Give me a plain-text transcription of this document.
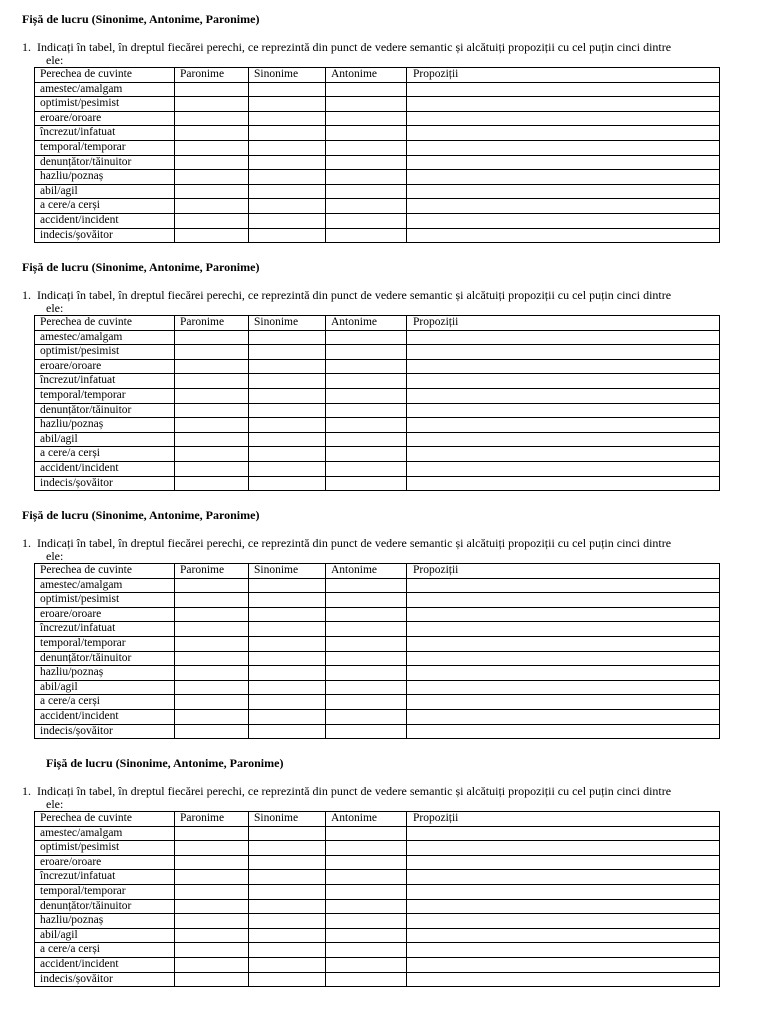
Fișă de lucru (Sinonime, Antonime, Paronime)
1. Indicați în tabel, în dreptul fiecărei perechi, ce reprezintă din punct de vedere semantic și alcătuiți propoziții cu cel puțin cinci dintre
ele:
Perechea de cuvinte	Paronime	Sinonime	Antonime	Propoziții
amestec/amalgam				
optimist/pesimist				
eroare/oroare				
încrezut/infatuat				
temporal/temporar				
denunțător/tăinuitor				
hazliu/poznaș				
abil/agil				
a cere/a cerși				
accident/incident				
indecis/șovăitor				
Fișă de lucru (Sinonime, Antonime, Paronime)
1. Indicați în tabel, în dreptul fiecărei perechi, ce reprezintă din punct de vedere semantic și alcătuiți propoziții cu cel puțin cinci dintre
ele:
Perechea de cuvinte	Paronime	Sinonime	Antonime	Propoziții
amestec/amalgam				
optimist/pesimist				
eroare/oroare				
încrezut/infatuat				
temporal/temporar				
denunțător/tăinuitor				
hazliu/poznaș				
abil/agil				
a cere/a cerși				
accident/incident				
indecis/șovăitor				
Fișă de lucru (Sinonime, Antonime, Paronime)
1. Indicați în tabel, în dreptul fiecărei perechi, ce reprezintă din punct de vedere semantic și alcătuiți propoziții cu cel puțin cinci dintre
ele:
Perechea de cuvinte	Paronime	Sinonime	Antonime	Propoziții
amestec/amalgam				
optimist/pesimist				
eroare/oroare				
încrezut/infatuat				
temporal/temporar				
denunțător/tăinuitor				
hazliu/poznaș				
abil/agil				
a cere/a cerși				
accident/incident				
indecis/șovăitor				
Fișă de lucru (Sinonime, Antonime, Paronime)
1. Indicați în tabel, în dreptul fiecărei perechi, ce reprezintă din punct de vedere semantic și alcătuiți propoziții cu cel puțin cinci dintre
ele:
Perechea de cuvinte	Paronime	Sinonime	Antonime	Propoziții
amestec/amalgam				
optimist/pesimist				
eroare/oroare				
încrezut/infatuat				
temporal/temporar				
denunțător/tăinuitor				
hazliu/poznaș				
abil/agil				
a cere/a cerși				
accident/incident				
indecis/șovăitor				
